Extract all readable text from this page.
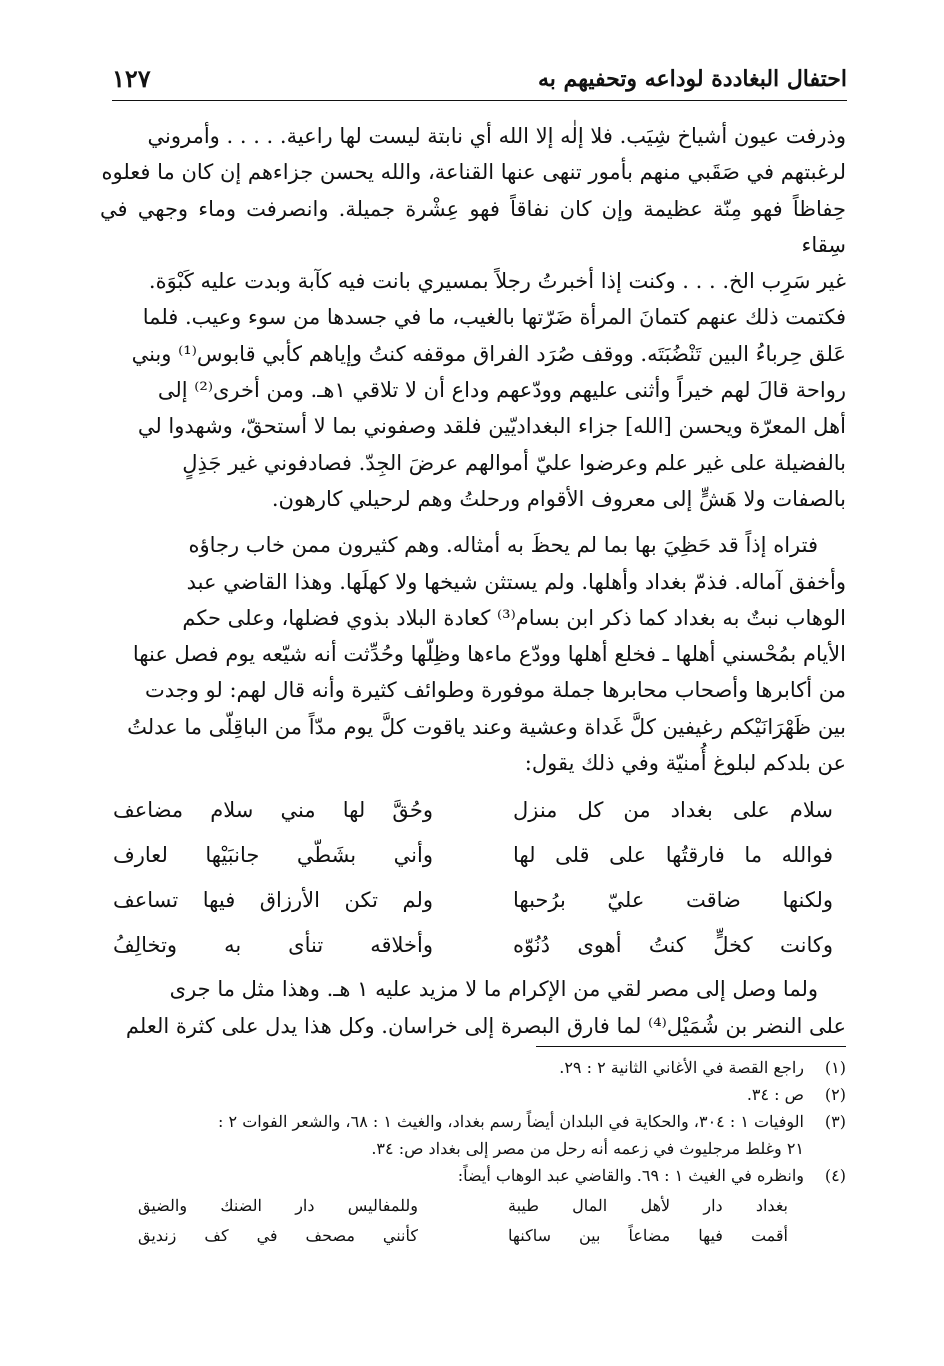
احتفال البغاددة لوداعه وتحفيهم به
١٢٧

وذرفت عيون أشياخ شِيَب. فلا إلٰه إلا الله أي نابتة ليست لها راعية. . . . . وأمروني

لرغبتهم في صَقَبي منهم بأمور تنهى عنها القناعة، والله يحسن جزاءهم إن كان ما فعلوه

حِفاظاً فهو مِنّة عظيمة وإن كان نفاقاً فهو عِشْرة جميلة. وانصرفت وماء وجهي في سِقاء

غير سَرِب الخ. . . . وكنت إذا أخبرتُ رجلاً بمسيري بانت فيه كآبة وبدت عليه كَبْوَة.

فكتمت ذلك عنهم كتمانَ المرأة ضَرّتها بالغيب، ما في جسدها من سوء وعيب. فلما

عَلق حِرباءُ البين تَنْضُبَتَه. ووقف صُرَد الفراق موقفه كنتُ وإياهم كأبي قابوس⁽¹⁾ وبني

رواحة قالَ لهم خيراً وأثنى عليهم وودّعهم وداع أن لا تلاقي ١هـ. ومن أخرى⁽²⁾ إلى

أهل المعرّة ويحسن [الله] جزاء البغداديّين فلقد وصفوني بما لا أستحقّ، وشهدوا لي

بالفضيلة على غير علم وعرضوا عليّ أموالهم عرضَ الجِدّ. فصادفوني غير جَذِلٍ

بالصفات ولا هَشٍّ إلى معروف الأقوام ورحلتُ وهم لرحيلي كارهون.

فتراه إذاً قد حَظِيَ بها بما لم يحظَ به أمثاله. وهم كثيرون ممن خاب رجاؤه

وأخفق آماله. فذمّ بغداد وأهلها. ولم يستثن شيخها ولا كهلَها. وهذا القاضي عبد

الوهاب نبتٌ به بغداد كما ذكر ابن بسام⁽³⁾ كعادة البلاد بذوي فضلها، وعلى حكم

الأيام بمُحْسني أهلها ـ فخلع أهلها وودّع ماءها وظِلّها وحُدِّثت أنه شيّعه يوم فصل عنها

من أكابرها وأصحاب محابرها جملة موفورة وطوائف كثيرة وأنه قال لهم: لو وجدت

بين ظَهْرَانَيْكم رغيفين كلَّ غَداة وعشية وعند ياقوت كلَّ يوم مدّاً من الباقِلّى ما عدلتُ

عن بلدكم لبلوغ أُمنيّة وفي ذلك يقول:

سلام على بغداد من كل منزل
وحُقَّ لها مني سلام مضاعف
فوالله ما فارقتُها على قلى لها
وأني بشَطّي جانبَيْها لعارف
ولكنها ضاقت عليّ برُحبها
ولم تكن الأرزاق فيها تساعف
وكانت كخلٍّ كنتُ أهوى دُنُوّه
وأخلاقه تنأى به وتخالِفُ

ولما وصل إلى مصر لقي من الإكرام ما لا مزيد عليه ١ هـ. وهذا مثل ما جرى

على النضر بن شُمَيْل⁽⁴⁾ لما فارق البصرة إلى خراسان. وكل هذا يدل على كثرة العلم

(١)
راجع القصة في الأغاني الثانية ٢ : ٢٩.
(٢)
ص : ٣٤.
(٣)
الوفيات ١ : ٣٠٤، والحكاية في البلدان أيضاً رسم بغداد، والغيث ١ : ٦٨، والشعر الفوات ٢ :
٢١ وغلط مرجليوث في زعمه أنه رحل من مصر إلى بغداد ص: ٣٤.
(٤)
وانظره في الغيث ١ : ٦٩. والقاضي عبد الوهاب أيضاً:
بغداد دار لأهل المال طيبة
وللمفاليس دار الضنك والضيق
أقمت فيها مضاعاً بين ساكنها
كأنني مصحف في كف زنديق
